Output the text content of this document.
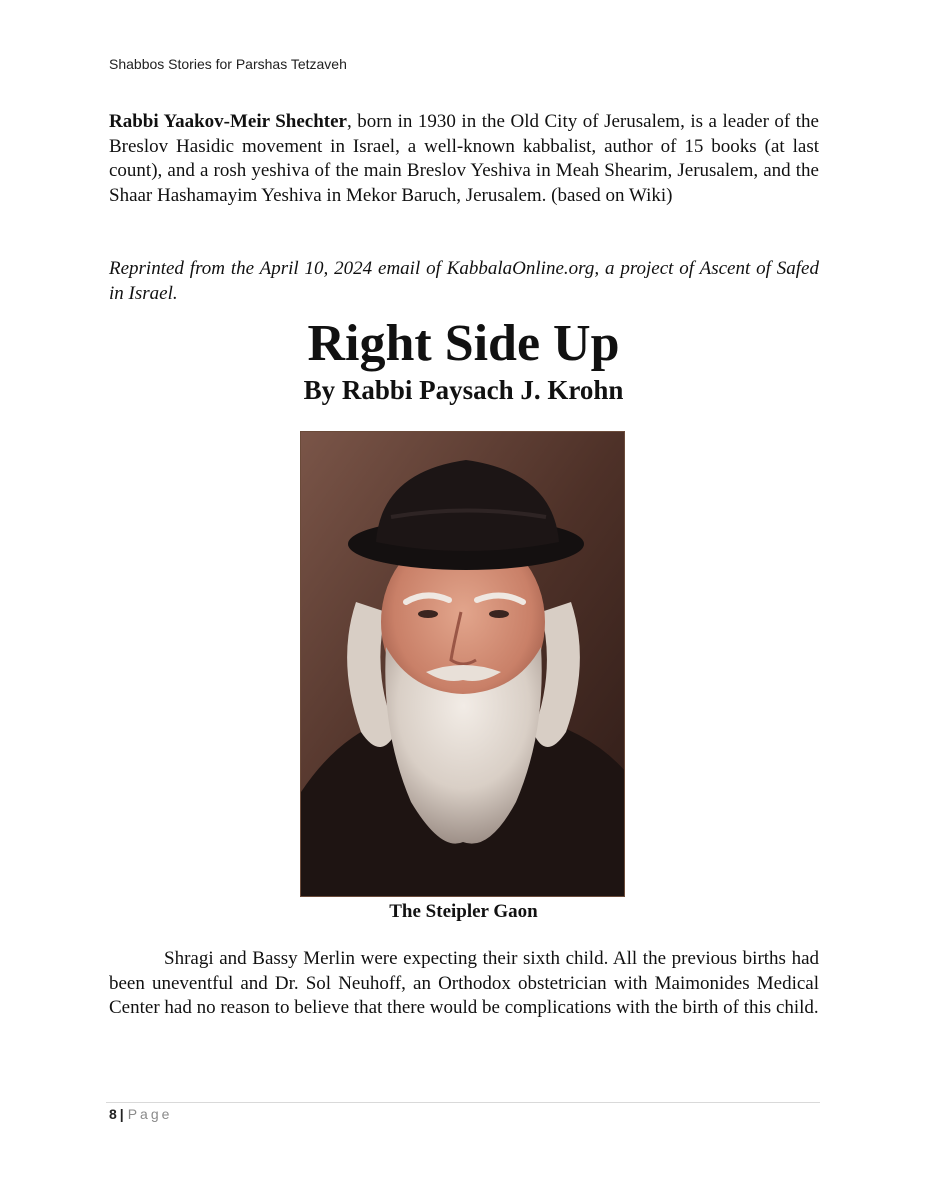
Shabbos Stories for Parshas Tetzaveh

Rabbi Yaakov-Meir Shechter, born in 1930 in the Old City of Jerusalem, is a leader of the Breslov Hasidic movement in Israel, a well-known kabbalist, author of 15 books (at last count), and a rosh yeshiva of the main Breslov Yeshiva in Meah Shearim, Jerusalem, and the Shaar Hashamayim Yeshiva in Mekor Baruch, Jerusalem. (based on Wiki)

Reprinted from the April 10, 2024 email of KabbalaOnline.org, a project of Ascent of Safed in Israel.

Right Side Up
By Rabbi Paysach J. Krohn
The Steipler Gaon

Shragi and Bassy Merlin were expecting their sixth child. All the previous births had been uneventful and Dr. Sol Neuhoff, an Orthodox obstetrician with Maimonides Medical Center had no reason to believe that there would be complications with the birth of this child.

8 | Page
